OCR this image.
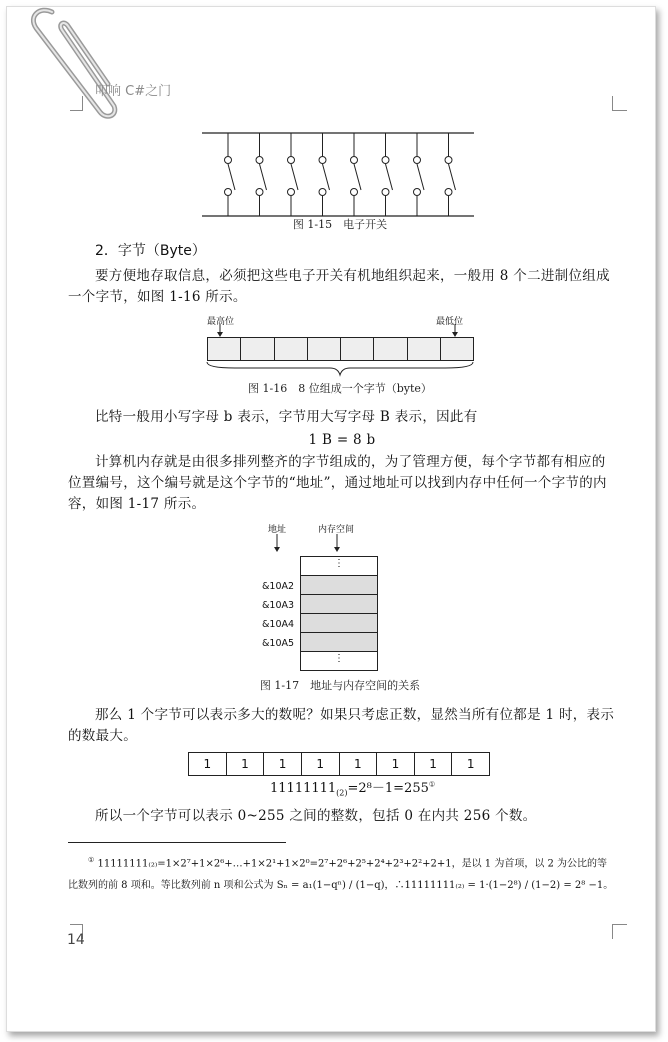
叩响 C#之门
图 1-15　电子开关
2．字节（Byte）
要方便地存取信息，必须把这些电子开关有机地组织起来，一般用 8 个二进制位组成一个字节，如图 1-16 所示。
最高位	最低位
图 1-16　8 位组成一个字节（byte）
比特一般用小写字母 b 表示，字节用大写字母 B 表示，因此有
1 B = 8 b
计算机内存就是由很多排列整齐的字节组成的，为了管理方便，每个字节都有相应的位置编号，这个编号就是这个字节的“地址”，通过地址可以找到内存中任何一个字节的内容，如图 1-17 所示。
地址	内存空间
⋮
⋮
&10A2
&10A3
&10A4
&10A5
图 1-17　地址与内存空间的关系
那么 1 个字节可以表示多大的数呢？如果只考虑正数，显然当所有位都是 1 时，表示的数最大。
1	1	1	1	1	1	1	1
$11111111_{(2)}=2^8-1=255^①$
所以一个字节可以表示 0~255 之间的整数，包括 0 在内共 256 个数。
① 11111111₍₂₎=1×2⁷+1×2⁶+…+1×2¹+1×2⁰=2⁷+2⁶+2⁵+2⁴+2³+2²+2+1，是以 1 为首项，以 2 为公比的等
比数列的前 8 项和。等比数列前 n 项和公式为 Sₙ = a₁(1−qⁿ) / (1−q)，∴11111111₍₂₎ = 1·(1−2⁸) / (1−2) = 2⁸ −1。
14
